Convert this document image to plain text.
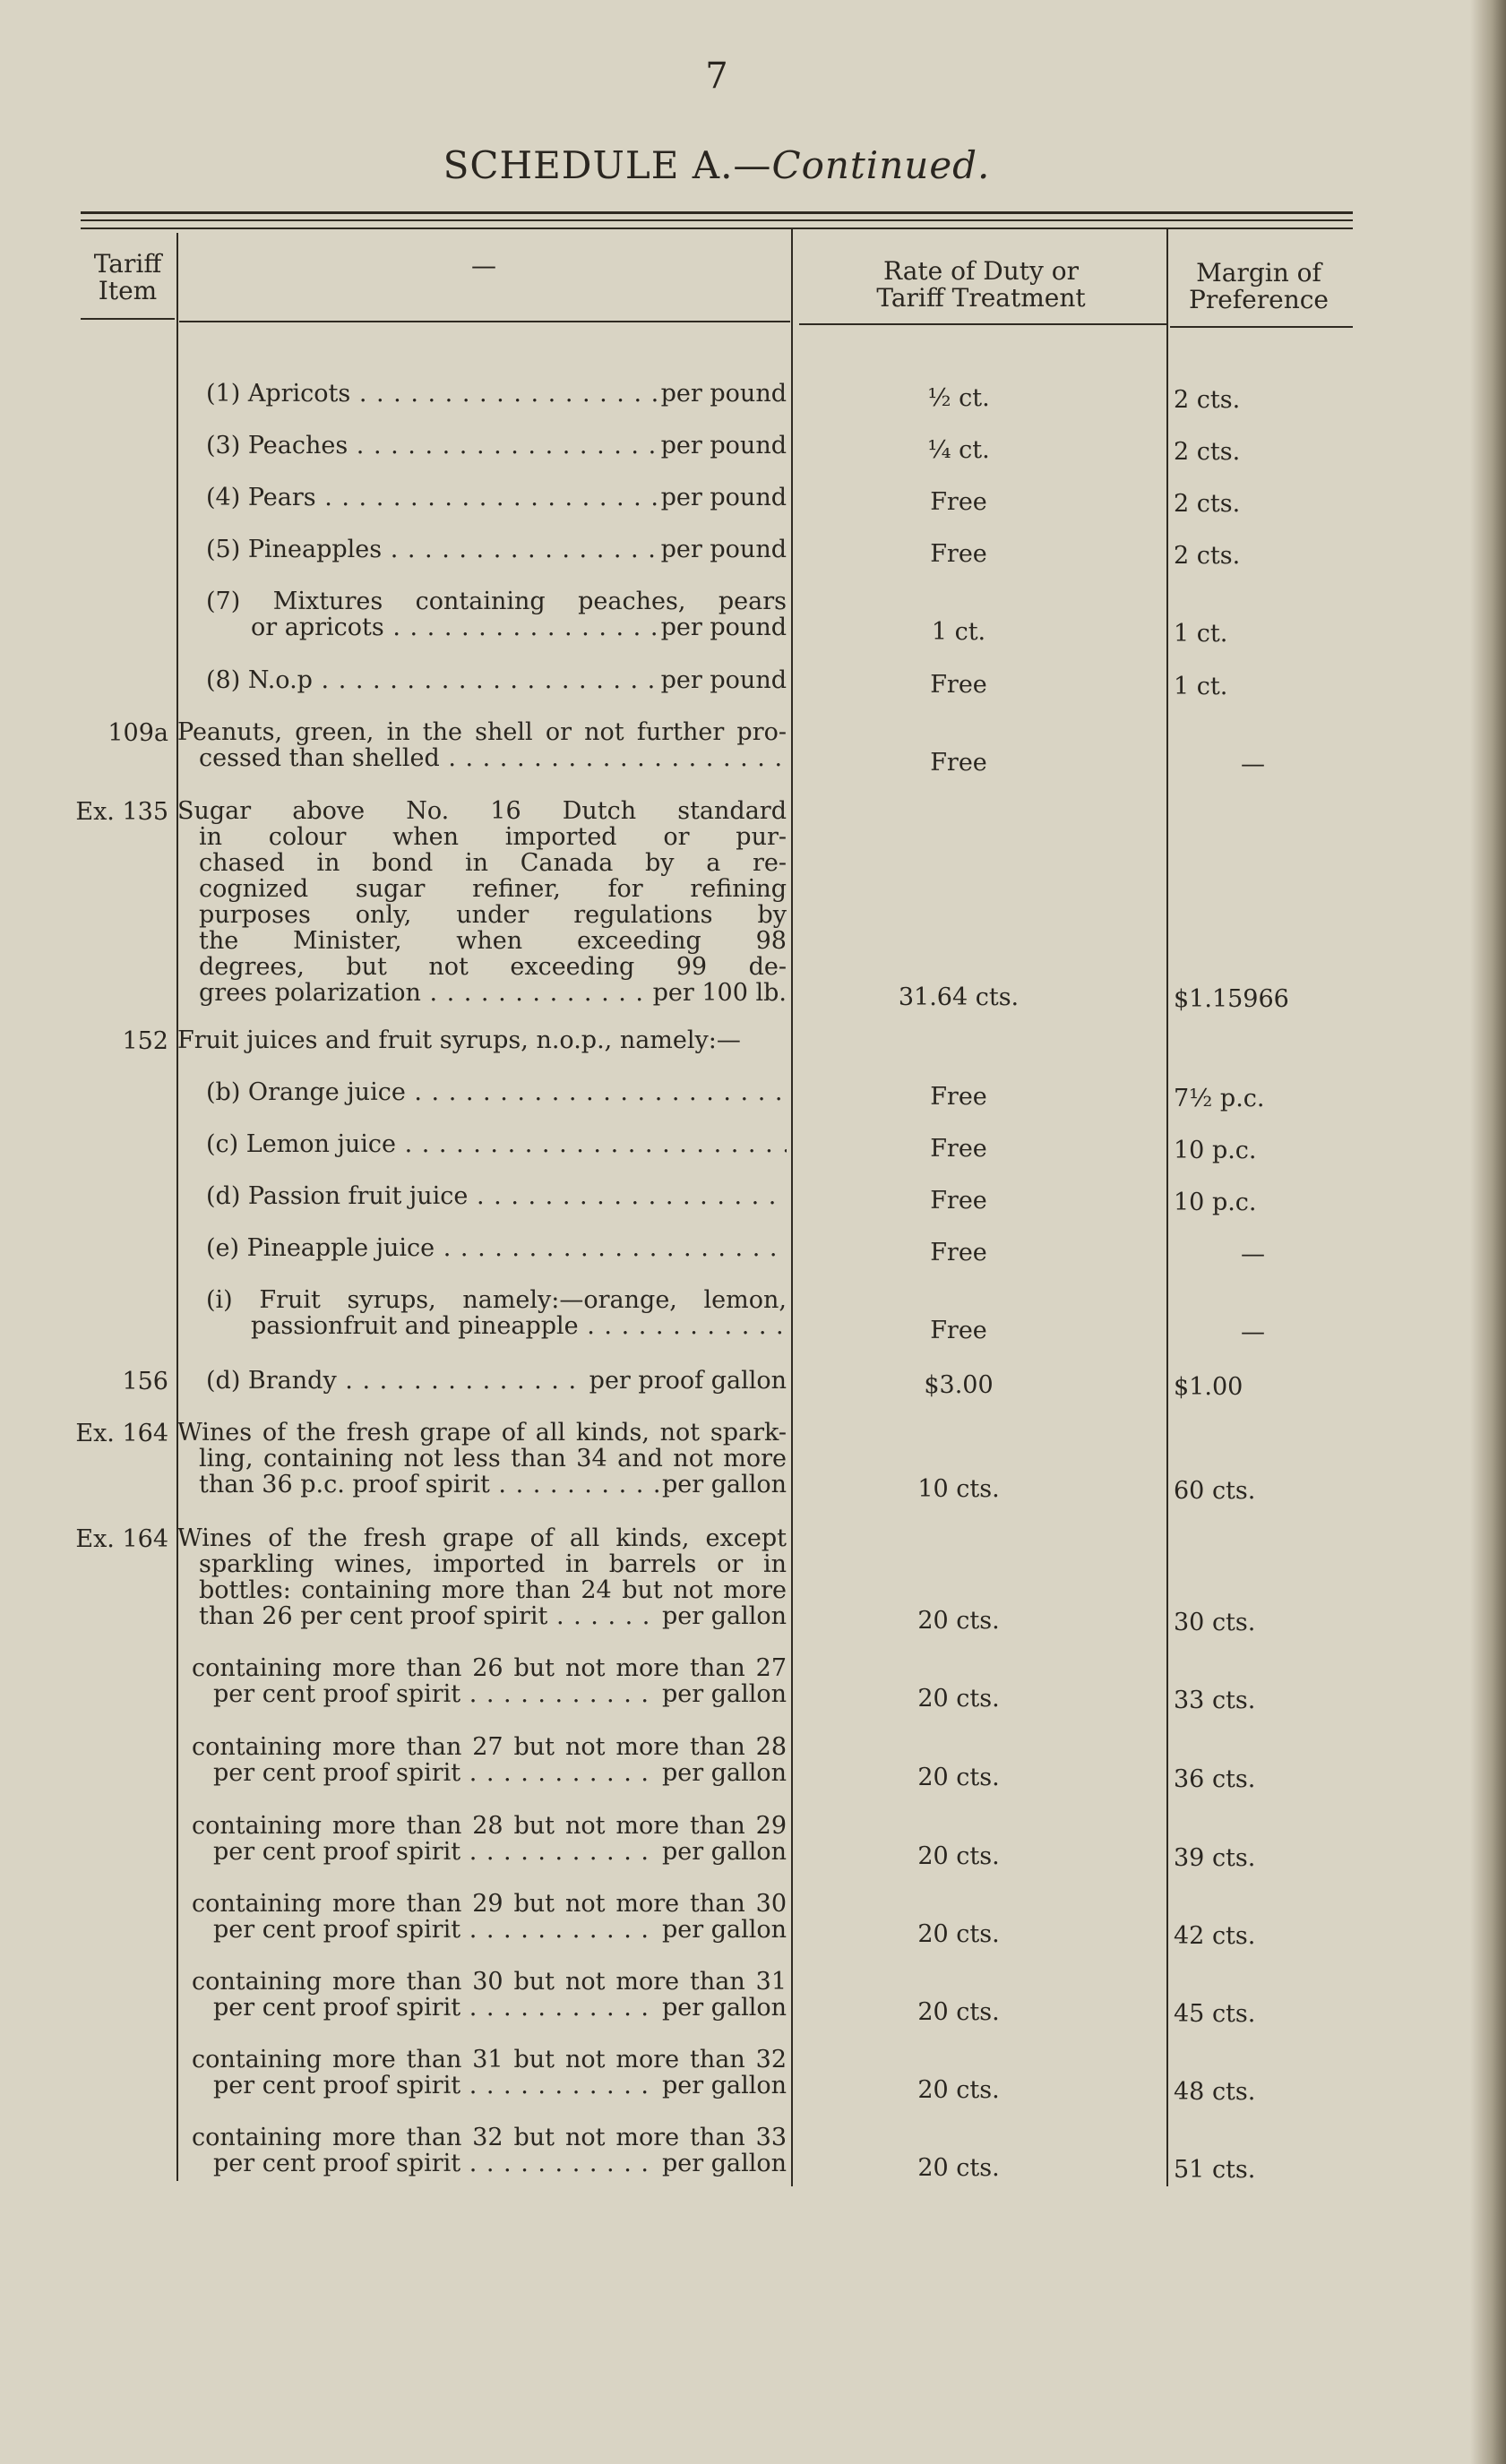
7
SCHEDULE A.—Continued.
Tariff
Item
—	Rate of Duty or
Tariff Treatment
Margin of
Preference
(1) Apricots . . .	per pound	½ ct.	2 cts.
(3) Peaches . . .	per pound	¼ ct.	2 cts.
(4) Pears . . .	per pound	Free	2 cts.
(5) Pineapples . . .	per pound	Free	2 cts.
(7) Mixtures containing peaches, pears
or apricots . . .	per pound	1 ct.	1 ct.
(8) N.o.p . . .	per pound	Free	1 ct.
109a Peanuts, green, in the shell or not further pro-
cessed than shelled . . .	Free	—
Ex. 135 Sugar above No. 16 Dutch standard
in colour when imported or pur-
chased in bond in Canada by a re-
cognized sugar refiner, for refining
purposes only, under regulations by
the Minister, when exceeding 98
degrees, but not exceeding 99 de-
grees polarization . . .	per 100 lb.	31.64 cts.	$1.15966
152 Fruit juices and fruit syrups, n.o.p., namely:—
(b) Orange juice . . .	Free	7½ p.c.
(c) Lemon juice . . .	Free	10 p.c.
(d) Passion fruit juice . . .	Free	10 p.c.
(e) Pineapple juice . . .	Free	—
(i) Fruit syrups, namely:—orange, lemon,
passionfruit and pineapple . . .	Free	—
156 (d) Brandy . . .	per proof gallon	$3.00	$1.00
Ex. 164 Wines of the fresh grape of all kinds, not spark-
ling, containing not less than 34 and not more
than 36 p.c. proof spirit . . .	per gallon	10 cts.	60 cts.
Ex. 164 Wines of the fresh grape of all kinds, except
sparkling wines, imported in barrels or in
bottles: containing more than 24 but not more
than 26 per cent proof spirit . . .	per gallon	20 cts.	30 cts.
containing more than 26 but not more than 27
per cent proof spirit . . .	per gallon	20 cts.	33 cts.
containing more than 27 but not more than 28
per cent proof spirit . . .	per gallon	20 cts.	36 cts.
containing more than 28 but not more than 29
per cent proof spirit . . .	per gallon	20 cts.	39 cts.
containing more than 29 but not more than 30
per cent proof spirit . . .	per gallon	20 cts.	42 cts.
containing more than 30 but not more than 31
per cent proof spirit . . .	per gallon	20 cts.	45 cts.
containing more than 31 but not more than 32
per cent proof spirit . . .	per gallon	20 cts.	48 cts.
containing more than 32 but not more than 33
per cent proof spirit . . .	per gallon	20 cts.	51 cts.
